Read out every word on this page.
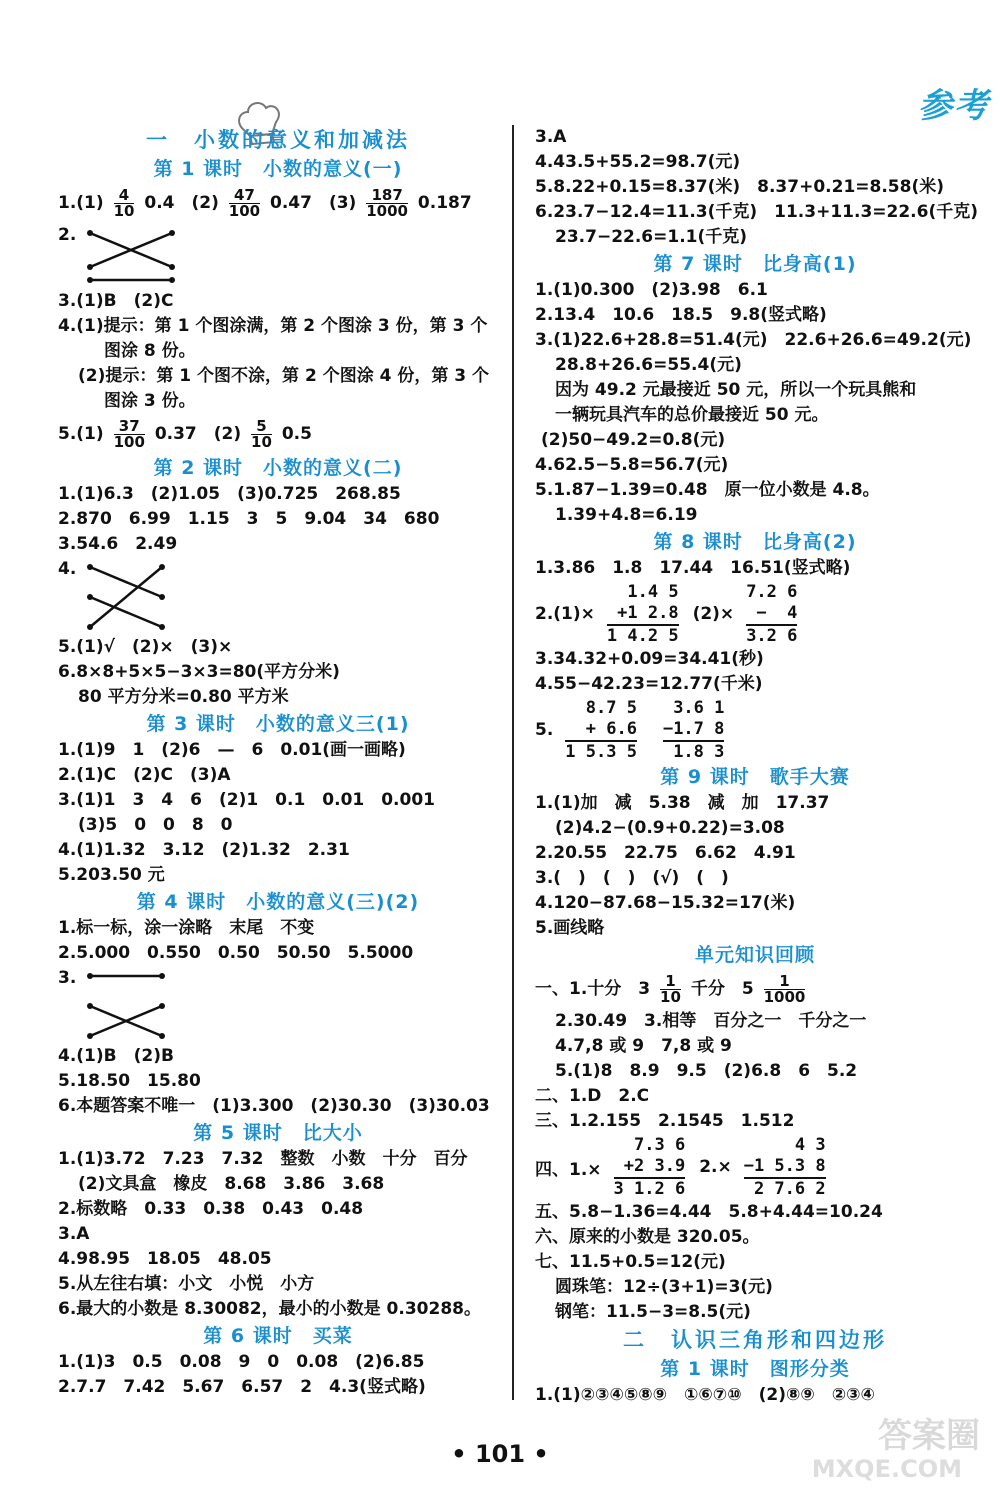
参考
一　小数的意义和加减法
第 1 课时　小数的意义(一)
$1.(1) \frac{4}{10} 0.4$　$(2) \frac{47}{100} 0.47$　$(3) \frac{187}{1000} 0.187$
2.
3.(1)B　(2)C
4.(1)提示：第 1 个图涂满，第 2 个图涂 3 份，第 3 个
图涂 8 份。
(2)提示：第 1 个图不涂，第 2 个图涂 4 份，第 3 个
图涂 3 份。
$5.(1) \frac{37}{100} 0.37$　$(2) \frac{5}{10} 0.5$
第 2 课时　小数的意义(二)
1.(1)6.3　(2)1.05　(3)0.725　268.85
2.870　6.99　1.15　3　5　9.04　34　680
3.54.6　2.49
4.
5.(1)√　(2)×　(3)×
6.8×8+5×5−3×3=80(平方分米)
80 平方分米=0.80 平方米
第 3 课时　小数的意义三(1)
1.(1)9　1　(2)6　—　6　0.01(画一画略)
2.(1)C　(2)C　(3)A
3.(1)1　3　4　6　(2)1　0.1　0.01　0.001
(3)5　0　0　8　0
4.(1)1.32　3.12　(2)1.32　2.31
5.203.50 元
第 4 课时　小数的意义(三)(2)
1.标一标，涂一涂略　末尾　不变
2.5.000　0.550　0.50　50.50　5.5000
3.
4.(1)B　(2)B
5.18.50　15.80
6.本题答案不唯一　(1)3.300　(2)30.30　(3)30.03
第 5 课时　比大小
1.(1)3.72　7.23　7.32　整数　小数　十分　百分
(2)文具盒　橡皮　8.68　3.86　3.68
2.标数略　0.33　0.38　0.43　0.48
3.A
4.98.95　18.05　48.05
5.从左往右填：小文　小悦　小方
6.最大的小数是 8.30082，最小的小数是 0.30288。
第 6 课时　买菜
1.(1)3　0.5　0.08　9　0　0.08　(2)6.85
2.7.7　7.42　5.67　6.57　2　4.3(竖式略)
3.A
4.43.5+55.2=98.7(元)
5.8.22+0.15=8.37(米)　8.37+0.21=8.58(米)
6.23.7−12.4=11.3(千克)　11.3+11.3=22.6(千克)
23.7−22.6=1.1(千克)
第 7 课时　比身高(1)
1.(1)0.300　(2)3.98　6.1
2.13.4　10.6　18.5　9.8(竖式略)
3.(1)22.6+28.8=51.4(元)　22.6+26.6=49.2(元)
28.8+26.6=55.4(元)
因为 49.2 元最接近 50 元，所以一个玩具熊和
一辆玩具汽车的总价最接近 50 元。
(2)50−49.2=0.8(元)
4.62.5−5.8=56.7(元)
5.1.87−1.39=0.48　原一位小数是 4.8。
1.39+4.8=6.19
第 8 课时　比身高(2)
1.3.86　1.8　17.44　16.51(竖式略)
2.(1)×
1.4 5
+1 2.8
1 4.2 5
(2)×
7.2 6
−  4
3.2 6
3.34.32+0.09=34.41(秒)
4.55−42.23=12.77(千米)
5.
8.7 5
+ 6.6
1 5.3 5
3.6 1
−1.7 8
1.8 3
第 9 课时　歌手大赛
1.(1)加　减　5.38　减　加　17.37
(2)4.2−(0.9+0.22)=3.08
2.20.55　22.75　6.62　4.91
3.(　)　(　)　(√)　(　)
4.120−87.68−15.32=17(米)
5.画线略
单元知识回顾
一、1.十分　$3 \frac{1}{10}$ 千分　$5 \frac{1}{1000}$
2.30.49　3.相等　百分之一　千分之一
4.7,8 或 9　7,8 或 9
5.(1)8　8.9　9.5　(2)6.8　6　5.2
二、1.D　2.C
三、1.2.155　2.1545　1.512
四、1.×
7.3 6
+2 3.9
3 1.2 6
2.×
4 3
−1 5.3 8
2 7.6 2
五、5.8−1.36=4.44　5.8+4.44=10.24
六、原来的小数是 320.05。
七、11.5+0.5=12(元)
圆珠笔：12÷(3+1)=3(元)
钢笔：11.5−3=8.5(元)
二　认识三角形和四边形
第 1 课时　图形分类
1.(1)②③④⑤⑧⑨　①⑥⑦⑩　(2)⑧⑨　②③④
• 101 •	答案圈
MXQE.COM
